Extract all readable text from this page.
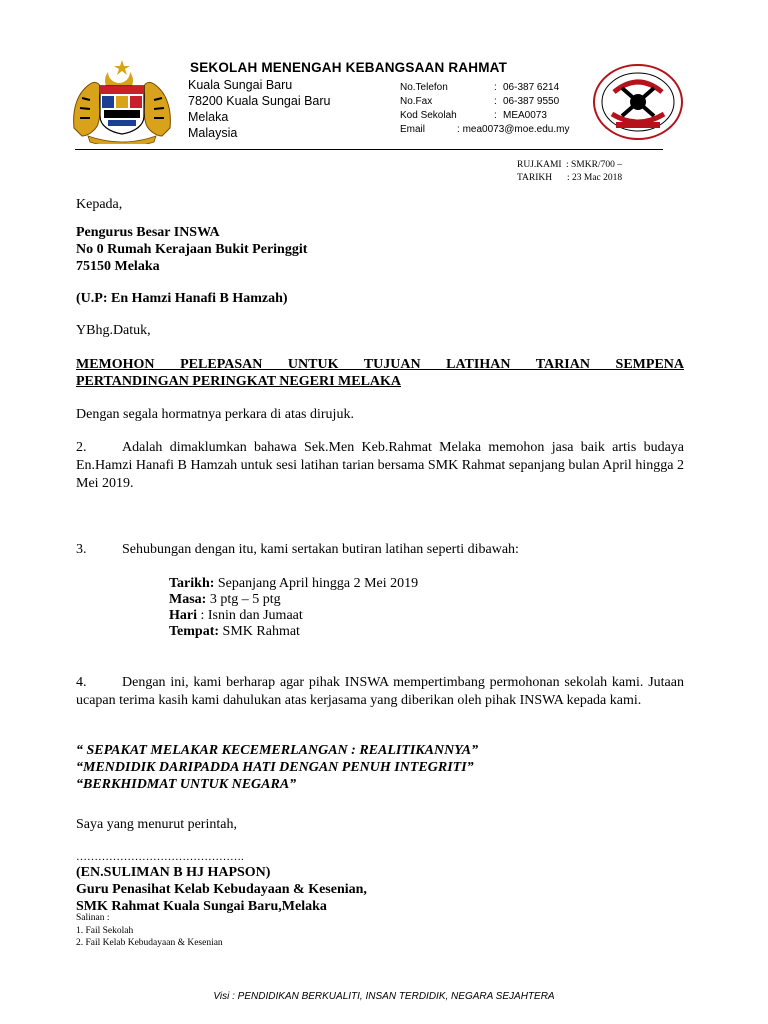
SEKOLAH MENENGAH KEBANGSAAN RAHMAT
Kuala Sungai Baru
78200 Kuala Sungai Baru
Melaka
Malaysia
No.Telefon	: 06-387 6214
No.Fax	: 06-387 9550
Kod Sekolah	: MEA0073
Email	: mea0073@moe.edu.my
RUJ.KAMI : SMKR/700 –
TARIKH : 23 Mac 2018
Kepada,
Pengurus Besar INSWA
No 0 Rumah Kerajaan Bukit Peringgit
75150 Melaka
(U.P: En Hamzi Hanafi B Hamzah)
YBhg.Datuk,
MEMOHON PELEPASAN UNTUK TUJUAN LATIHAN TARIAN SEMPENA
PERTANDINGAN PERINGKAT NEGERI MELAKA
Dengan segala hormatnya perkara di atas dirujuk.
2.	Adalah dimaklumkan bahawa Sek.Men Keb.Rahmat Melaka memohon jasa baik artis budaya En.Hamzi Hanafi B Hamzah untuk sesi latihan tarian bersama SMK Rahmat sepanjang bulan April hingga 2 Mei 2019.
3.	Sehubungan dengan itu, kami sertakan butiran latihan seperti dibawah:
Tarikh: Sepanjang April hingga 2 Mei 2019
Masa: 3 ptg – 5 ptg
Hari : Isnin dan Jumaat
Tempat: SMK Rahmat
4.	Dengan ini, kami berharap agar pihak INSWA mempertimbang permohonan sekolah kami. Jutaan ucapan terima kasih kami dahulukan atas kerjasama yang diberikan oleh pihak INSWA kepada kami.
“ SEPAKAT MELAKAR KECEMERLANGAN : REALITIKANNYA”
“MENDIDIK DARIPADDA HATI DENGAN PENUH INTEGRITI”
“BERKHIDMAT UNTUK NEGARA”
Saya yang menurut perintah,
……………………………………….
(EN.SULIMAN B HJ HAPSON)
Guru Penasihat Kelab Kebudayaan & Kesenian,
SMK Rahmat Kuala Sungai Baru,Melaka
Salinan :
1. Fail Sekolah
2. Fail Kelab Kebudayaan & Kesenian
Visi : PENDIDIKAN BERKUALITI, INSAN TERDIDIK, NEGARA SEJAHTERA
